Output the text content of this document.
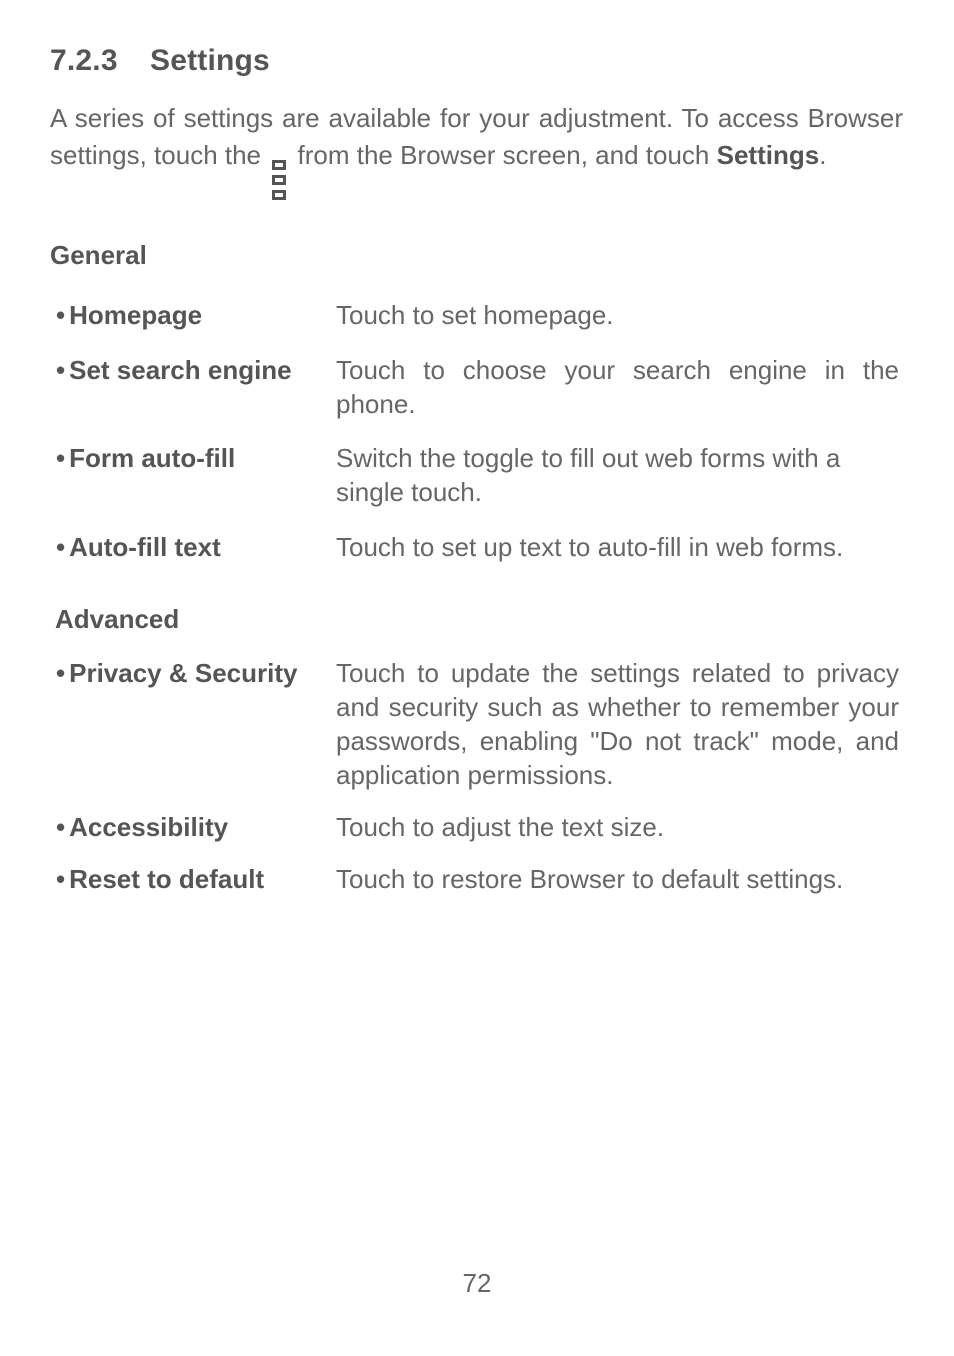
7.2.3 Settings
A series of settings are available for your adjustment. To access Browser settings, touch the from the Browser screen, and touch Settings.
General
• Homepage	Touch to set homepage.
• Set search engine	Touch to choose your search engine in the phone.
• Form auto-fill	Switch the toggle to fill out web forms with a single touch.
• Auto-fill text	Touch to set up text to auto-fill in web forms.
Advanced
• Privacy & Security	Touch to update the settings related to privacy and security such as whether to remember your passwords, enabling "Do not track" mode, and application permissions.
• Accessibility	Touch to adjust the text size.
• Reset to default	Touch to restore Browser to default settings.
72
